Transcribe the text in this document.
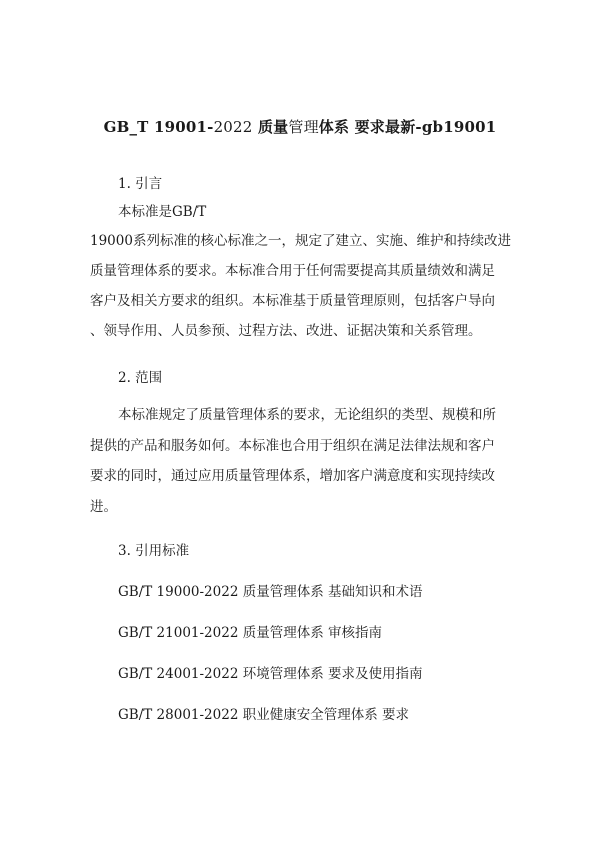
GB_T 19001-2022 质量管理体系 要求最新-gb19001
1. 引言
本标准是GB/T
19000系列标准的核心标准之一，规定了建立、实施、维护和持续改进
质量管理体系的要求。本标准合用于任何需要提高其质量绩效和满足
客户及相关方要求的组织。本标准基于质量管理原则，包括客户导向
、领导作用、人员参预、过程方法、改进、证据决策和关系管理。
2. 范围
本标准规定了质量管理体系的要求，无论组织的类型、规模和所
提供的产品和服务如何。本标准也合用于组织在满足法律法规和客户
要求的同时，通过应用质量管理体系，增加客户满意度和实现持续改
进。
3. 引用标准
GB/T 19000-2022 质量管理体系 基础知识和术语
GB/T 21001-2022 质量管理体系 审核指南
GB/T 24001-2022 环境管理体系 要求及使用指南
GB/T 28001-2022 职业健康安全管理体系 要求
